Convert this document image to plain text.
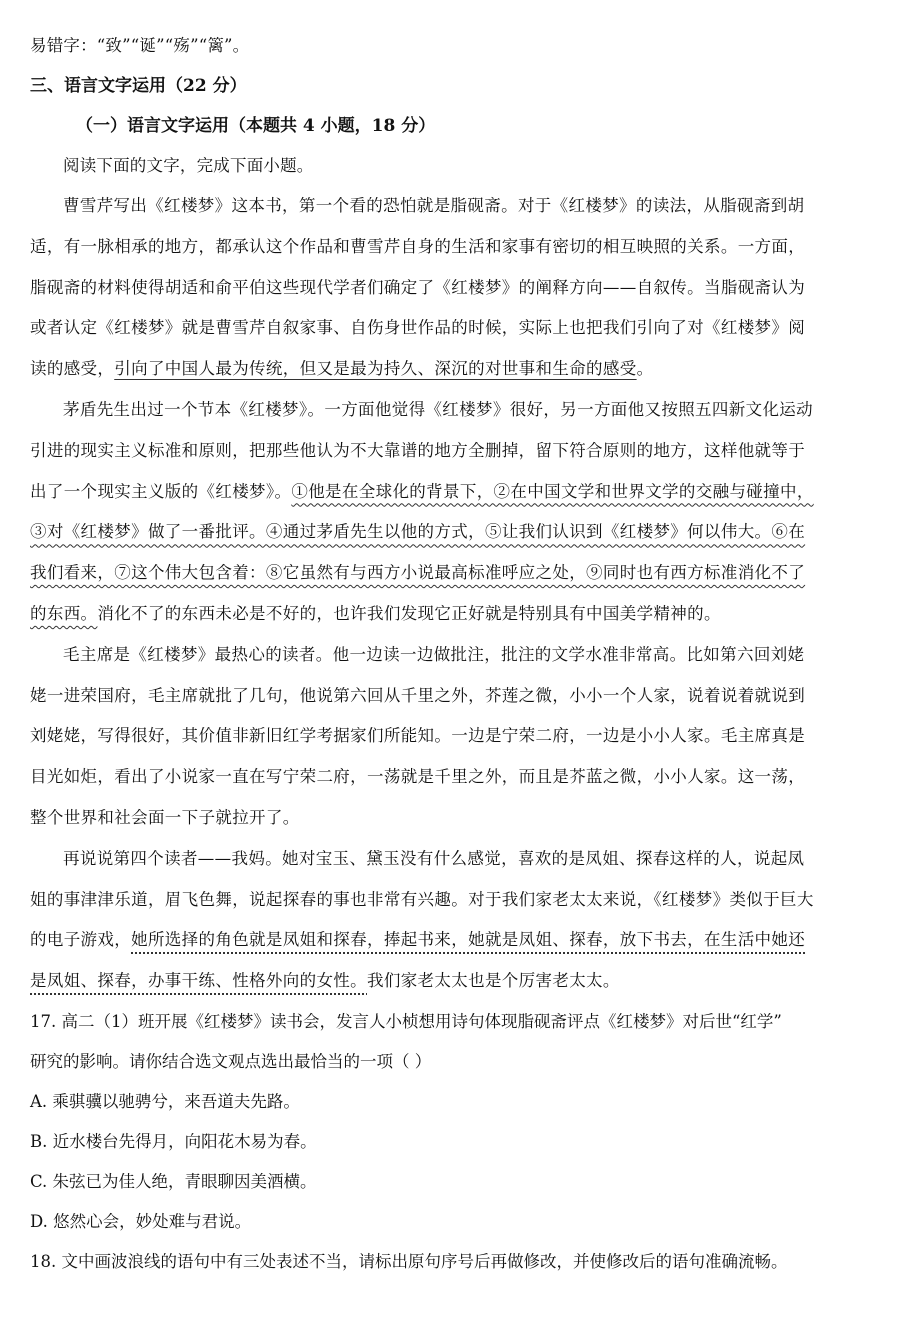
易错字：“致”“诞”“殇”“篱”。
三、语言文字运用（22 分）
（一）语言文字运用（本题共 4 小题，18 分）
阅读下面的文字，完成下面小题。
曹雪芹写出《红楼梦》这本书，第一个看的恐怕就是脂砚斋。对于《红楼梦》的读法，从脂砚斋到胡
适，有一脉相承的地方，都承认这个作品和曹雪芹自身的生活和家事有密切的相互映照的关系。一方面，
脂砚斋的材料使得胡适和俞平伯这些现代学者们确定了《红楼梦》的阐释方向——自叙传。当脂砚斋认为
或者认定《红楼梦》就是曹雪芹自叙家事、自伤身世作品的时候，实际上也把我们引向了对《红楼梦》阅
读的感受，引向了中国人最为传统，但又是最为持久、深沉的对世事和生命的感受。
茅盾先生出过一个节本《红楼梦》。一方面他觉得《红楼梦》很好，另一方面他又按照五四新文化运动
引进的现实主义标准和原则，把那些他认为不大靠谱的地方全删掉，留下符合原则的地方，这样他就等于
出了一个现实主义版的《红楼梦》。①他是在全球化的背景下，②在中国文学和世界文学的交融与碰撞中，
③对《红楼梦》做了一番批评。④通过茅盾先生以他的方式，⑤让我们认识到《红楼梦》何以伟大。⑥在
我们看来，⑦这个伟大包含着：⑧它虽然有与西方小说最高标准呼应之处，⑨同时也有西方标准消化不了
的东西。消化不了的东西未必是不好的，也许我们发现它正好就是特别具有中国美学精神的。
毛主席是《红楼梦》最热心的读者。他一边读一边做批注，批注的文学水准非常高。比如第六回刘姥
姥一进荣国府，毛主席就批了几句，他说第六回从千里之外，芥莲之微，小小一个人家，说着说着就说到
刘姥姥，写得很好，其价值非新旧红学考据家们所能知。一边是宁荣二府，一边是小小人家。毛主席真是
目光如炬，看出了小说家一直在写宁荣二府，一荡就是千里之外，而且是芥蓝之微，小小人家。这一荡，
整个世界和社会面一下子就拉开了。
再说说第四个读者——我妈。她对宝玉、黛玉没有什么感觉，喜欢的是凤姐、探春这样的人，说起凤
姐的事津津乐道，眉飞色舞，说起探春的事也非常有兴趣。对于我们家老太太来说，《红楼梦》类似于巨大
的电子游戏，她所选择的角色就是凤姐和探春，捧起书来，她就是凤姐、探春，放下书去，在生活中她还
是凤姐、探春，办事干练、性格外向的女性。我们家老太太也是个厉害老太太。
17. 高二（1）班开展《红楼梦》读书会，发言人小桢想用诗句体现脂砚斋评点《红楼梦》对后世“红学”
研究的影响。请你结合选文观点选出最恰当的一项（ ）
A. 乘骐骥以驰骋兮，来吾道夫先路。
B. 近水楼台先得月，向阳花木易为春。
C. 朱弦已为佳人绝，青眼聊因美酒横。
D. 悠然心会，妙处难与君说。
18. 文中画波浪线的语句中有三处表述不当，请标出原句序号后再做修改，并使修改后的语句准确流畅。
